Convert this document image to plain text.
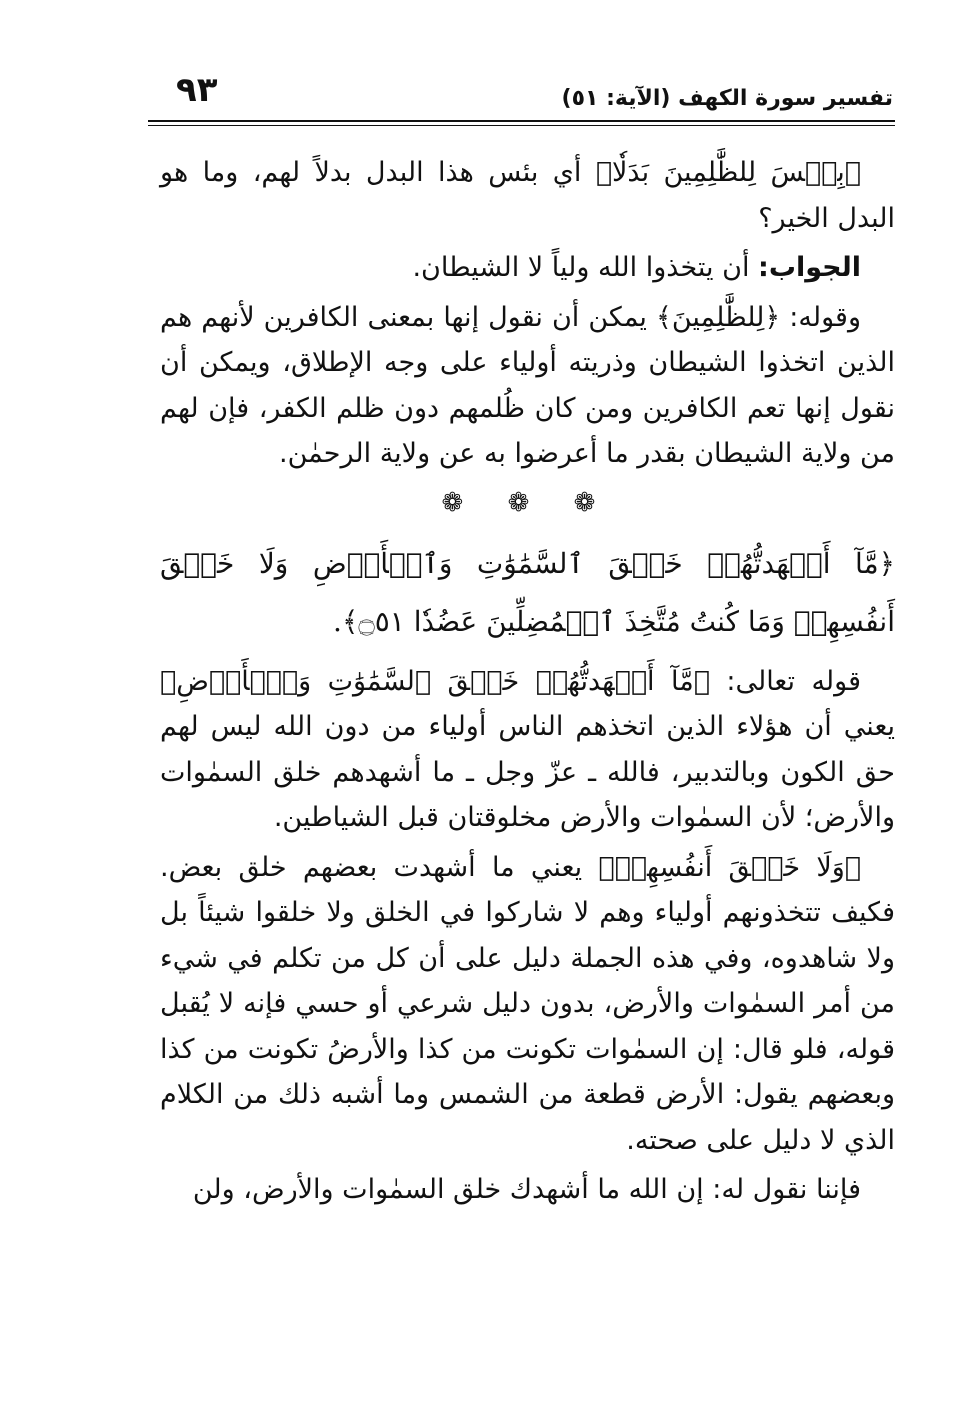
٩٣	تفسير سورة الكهف (الآية: ٥١)

﴿بِئۡسَ لِلظَّٰلِمِينَ بَدَلٗا﴾ أي بئس هذا البدل بدلاً لهم، وما هو البدل الخير؟

الجواب: أن يتخذوا الله ولياً لا الشيطان.

وقوله: ﴿لِلظَّٰلِمِينَ﴾ يمكن أن نقول إنها بمعنى الكافرين لأنهم هم الذين اتخذوا الشيطان وذريته أولياء على وجه الإطلاق، ويمكن أن نقول إنها تعم الكافرين ومن كان ظُلمهم دون ظلم الكفر، فإن لهم من ولاية الشيطان بقدر ما أعرضوا به عن ولاية الرحمٰن.

❁ ❁ ❁

﴿مَّآ أَشۡهَدتُّهُمۡ خَلۡقَ ٱلسَّمَٰوَٰتِ وَٱلۡأَرۡضِ وَلَا خَلۡقَ أَنفُسِهِمۡ وَمَا كُنتُ مُتَّخِذَ ٱلۡمُضِلِّينَ عَضُدٗا ۝٥١﴾.

قوله تعالى: ﴿مَّآ أَشۡهَدتُّهُمۡ خَلۡقَ ٱلسَّمَٰوَٰتِ وَٱلۡأَرۡضِ﴾ يعني أن هؤلاء الذين اتخذهم الناس أولياء من دون الله ليس لهم حق الكون وبالتدبير، فالله ـ عزّ وجل ـ ما أشهدهم خلق السمٰوات والأرض؛ لأن السمٰوات والأرض مخلوقتان قبل الشياطين.

﴿وَلَا خَلۡقَ أَنفُسِهِمۡ﴾ يعني ما أشهدت بعضهم خلق بعض. فكيف تتخذونهم أولياء وهم لا شاركوا في الخلق ولا خلقوا شيئاً بل ولا شاهدوه، وفي هذه الجملة دليل على أن كل من تكلم في شيء من أمر السمٰوات والأرض، بدون دليل شرعي أو حسي فإنه لا يُقبل قوله، فلو قال: إن السمٰوات تكونت من كذا والأرضُ تكونت من كذا وبعضهم يقول: الأرض قطعة من الشمس وما أشبه ذلك من الكلام الذي لا دليل على صحته.

فإننا نقول له: إن الله ما أشهدك خلق السمٰوات والأرض، ولن
